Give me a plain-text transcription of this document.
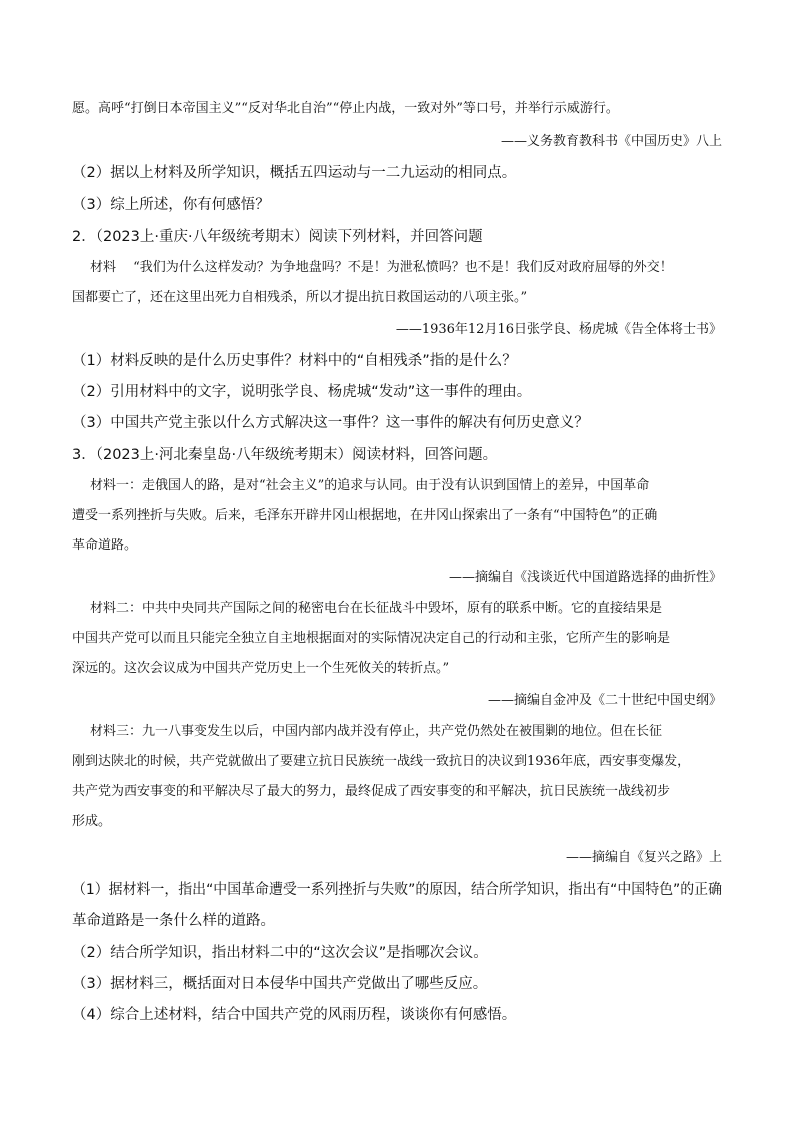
愿。高呼“打倒日本帝国主义”“反对华北自治”“停止内战，一致对外”等口号，并举行示威游行。
——义务教育教科书《中国历史》八上
（2）据以上材料及所学知识，概括五四运动与一二九运动的相同点。
（3）综上所述，你有何感悟？
2．（2023上·重庆·八年级统考期末）阅读下列材料，并回答问题
材料　 “我们为什么这样发动？为争地盘吗？不是！为泄私愤吗？也不是！我们反对政府屈辱的外交！
国都要亡了，还在这里出死力自相残杀，所以才提出抗日救国运动的八项主张。”
——1936年12月16日张学良、杨虎城《告全体将士书》
（1）材料反映的是什么历史事件？材料中的“自相残杀”指的是什么？
（2）引用材料中的文字，说明张学良、杨虎城“发动”这一事件的理由。
（3）中国共产党主张以什么方式解决这一事件？这一事件的解决有何历史意义？
3．（2023上·河北秦皇岛·八年级统考期末）阅读材料，回答问题。
材料一：走俄国人的路，是对“社会主义”的追求与认同。由于没有认识到国情上的差异，中国革命
遭受一系列挫折与失败。后来，毛泽东开辟井冈山根据地，在井冈山探索出了一条有“中国特色”的正确
革命道路。
——摘编自《浅谈近代中国道路选择的曲折性》
材料二：中共中央同共产国际之间的秘密电台在长征战斗中毁坏，原有的联系中断。它的直接结果是
中国共产党可以而且只能完全独立自主地根据面对的实际情况决定自己的行动和主张，它所产生的影响是
深远的。这次会议成为中国共产党历史上一个生死攸关的转折点。”
——摘编自金冲及《二十世纪中国史纲》
材料三：九一八事变发生以后，中国内部内战并没有停止，共产党仍然处在被围剿的地位。但在长征
刚到达陕北的时候，共产党就做出了要建立抗日民族统一战线一致抗日的决议到1936年底，西安事变爆发，
共产党为西安事变的和平解决尽了最大的努力，最终促成了西安事变的和平解决，抗日民族统一战线初步
形成。
——摘编自《复兴之路》上
（1）据材料一，指出“中国革命遭受一系列挫折与失败”的原因，结合所学知识，指出有“中国特色”的正确
革命道路是一条什么样的道路。
（2）结合所学知识，指出材料二中的“这次会议”是指哪次会议。
（3）据材料三，概括面对日本侵华中国共产党做出了哪些反应。
（4）综合上述材料，结合中国共产党的风雨历程，谈谈你有何感悟。
